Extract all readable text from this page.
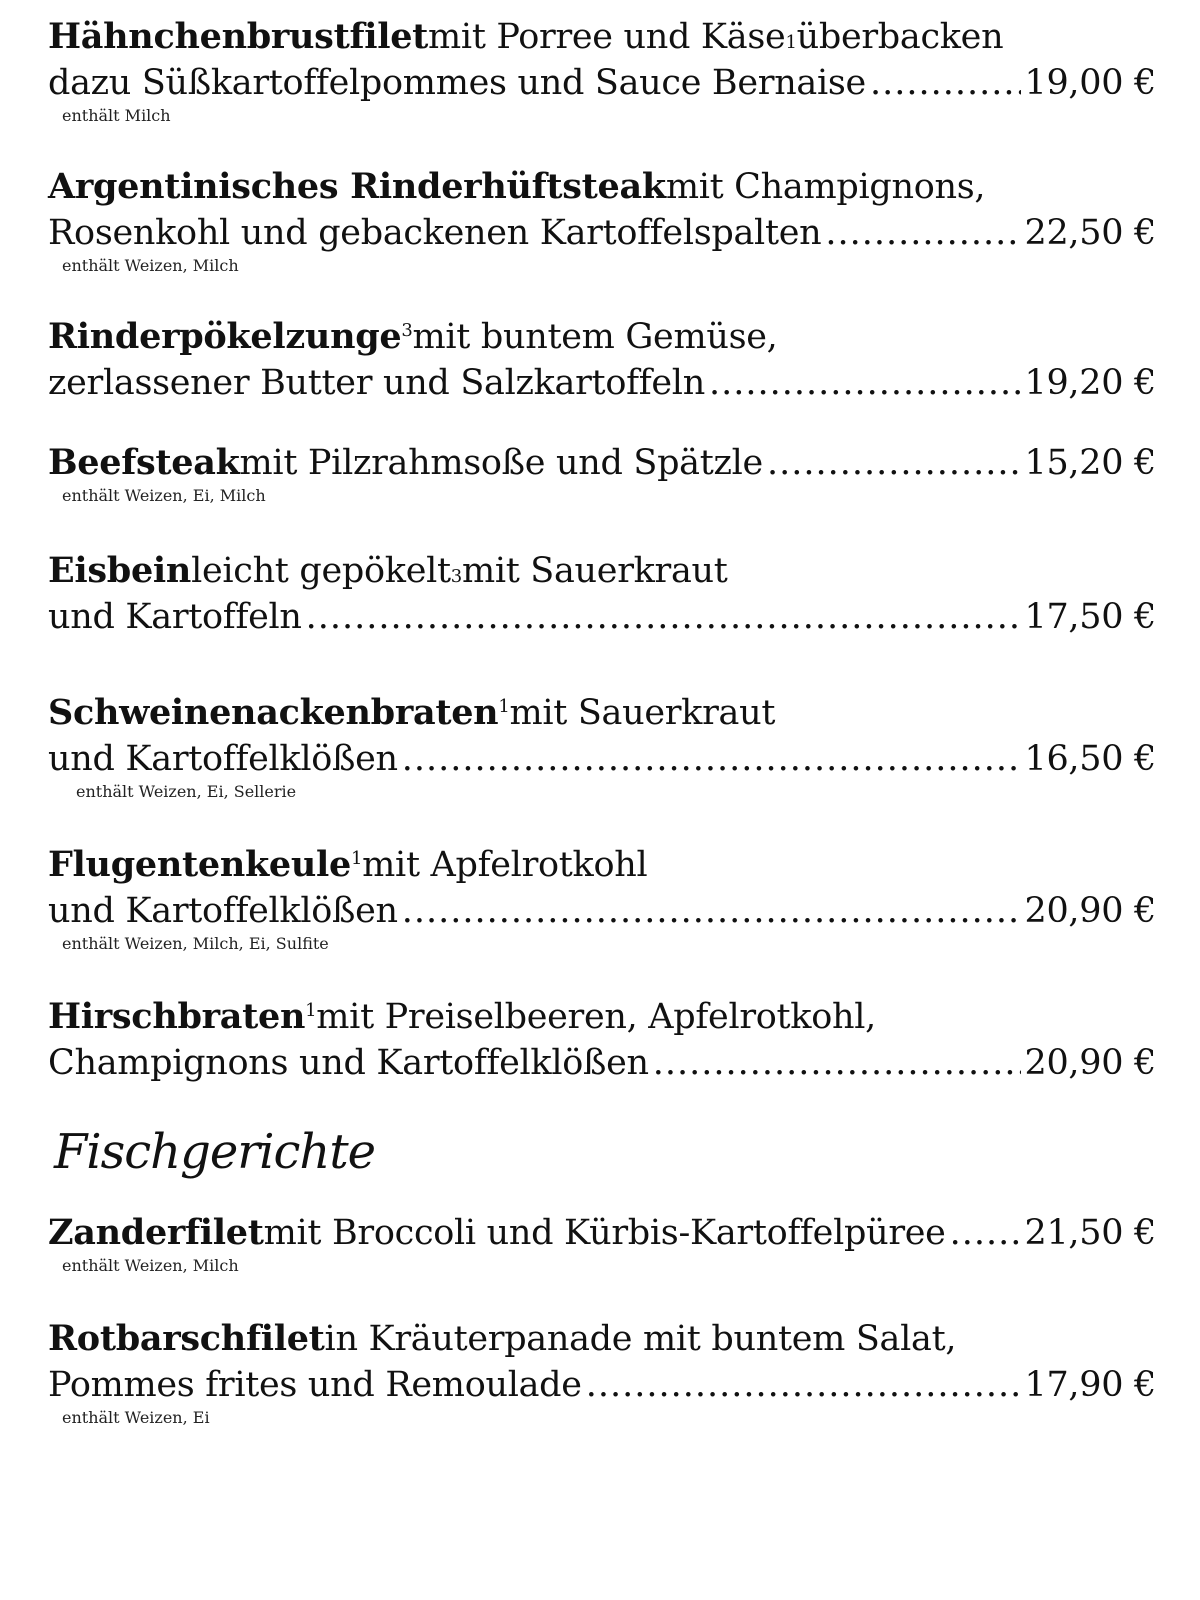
Hähnchenbrustfilet mit Porree und Käse 1 überbacken
dazu Süßkartoffelpommes und Sauce Bernaise .....	19,00 €
enthält Milch
Argentinisches Rinderhüftsteak mit Champignons,
Rosenkohl und gebackenen Kartoffelspalten .....	22,50 €
enthält Weizen, Milch
Rinderpökelzunge$^3$ mit buntem Gemüse,
zerlassener Butter und Salzkartoffeln .....	19,20 €
Beefsteak mit Pilzrahmsoße und Spätzle .....	15,20 €
enthält Weizen, Ei, Milch
Eisbein leicht gepökelt 3 mit Sauerkraut
und Kartoffeln .....	17,50 €
Schweinenackenbraten$^1$ mit Sauerkraut
und Kartoffelklößen .....	16,50 €
enthält Weizen, Ei, Sellerie
Flugentenkeule$^1$ mit Apfelrotkohl
und Kartoffelklößen .....	20,90 €
enthält Weizen, Milch, Ei, Sulfite
Hirschbraten$^1$ mit Preiselbeeren, Apfelrotkohl,
Champignons und Kartoffelklößen .....	20,90 €
Fischgerichte
Zanderfilet mit Broccoli und Kürbis-Kartoffelpüree ..... 21,50 €
enthält Weizen, Milch
Rotbarschfilet in Kräuterpanade mit buntem Salat,
Pommes frites und Remoulade .....	17,90 €
enthält Weizen, Ei
